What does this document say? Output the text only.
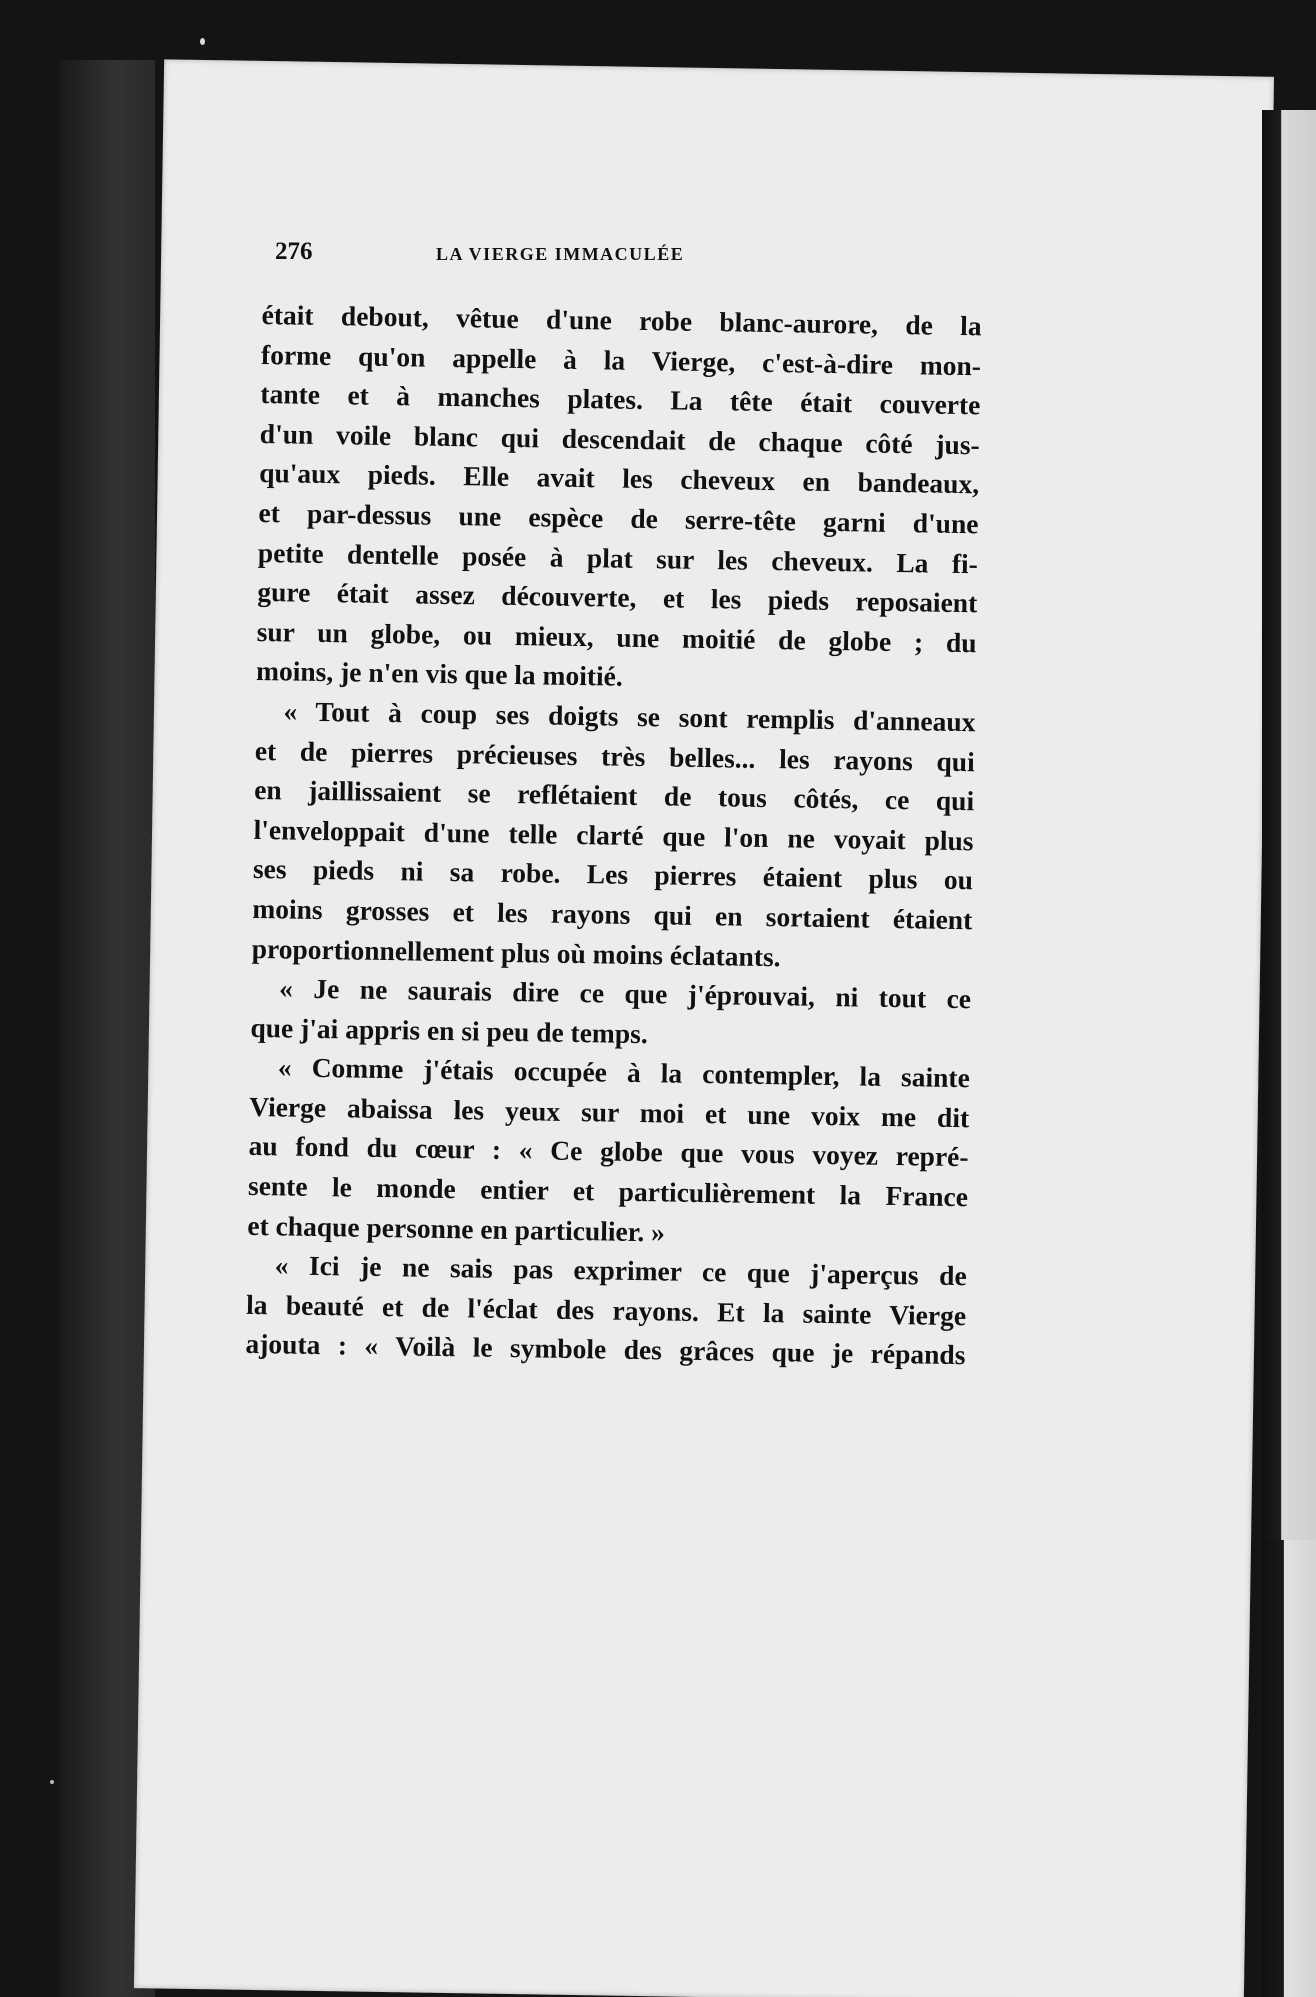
276	LA VIERGE IMMACULÉE
était debout, vêtue d'une robe blanc-aurore, de la
forme qu'on appelle à la Vierge, c'est-à-dire mon-
tante et à manches plates. La tête était couverte
d'un voile blanc qui descendait de chaque côté jus-
qu'aux pieds. Elle avait les cheveux en bandeaux,
et par-dessus une espèce de serre-tête garni d'une
petite dentelle posée à plat sur les cheveux. La fi-
gure était assez découverte, et les pieds reposaient
sur un globe, ou mieux, une moitié de globe ; du
moins, je n'en vis que la moitié.
« Tout à coup ses doigts se sont remplis d'anneaux
et de pierres précieuses très belles... les rayons qui
en jaillissaient se reflétaient de tous côtés, ce qui
l'enveloppait d'une telle clarté que l'on ne voyait plus
ses pieds ni sa robe. Les pierres étaient plus ou
moins grosses et les rayons qui en sortaient étaient
proportionnellement plus où moins éclatants.
« Je ne saurais dire ce que j'éprouvai, ni tout ce
que j'ai appris en si peu de temps.
« Comme j'étais occupée à la contempler, la sainte
Vierge abaissa les yeux sur moi et une voix me dit
au fond du cœur : « Ce globe que vous voyez repré-
sente le monde entier et particulièrement la France
et chaque personne en particulier. »
« Ici je ne sais pas exprimer ce que j'aperçus de
la beauté et de l'éclat des rayons. Et la sainte Vierge
ajouta : « Voilà le symbole des grâces que je répands
